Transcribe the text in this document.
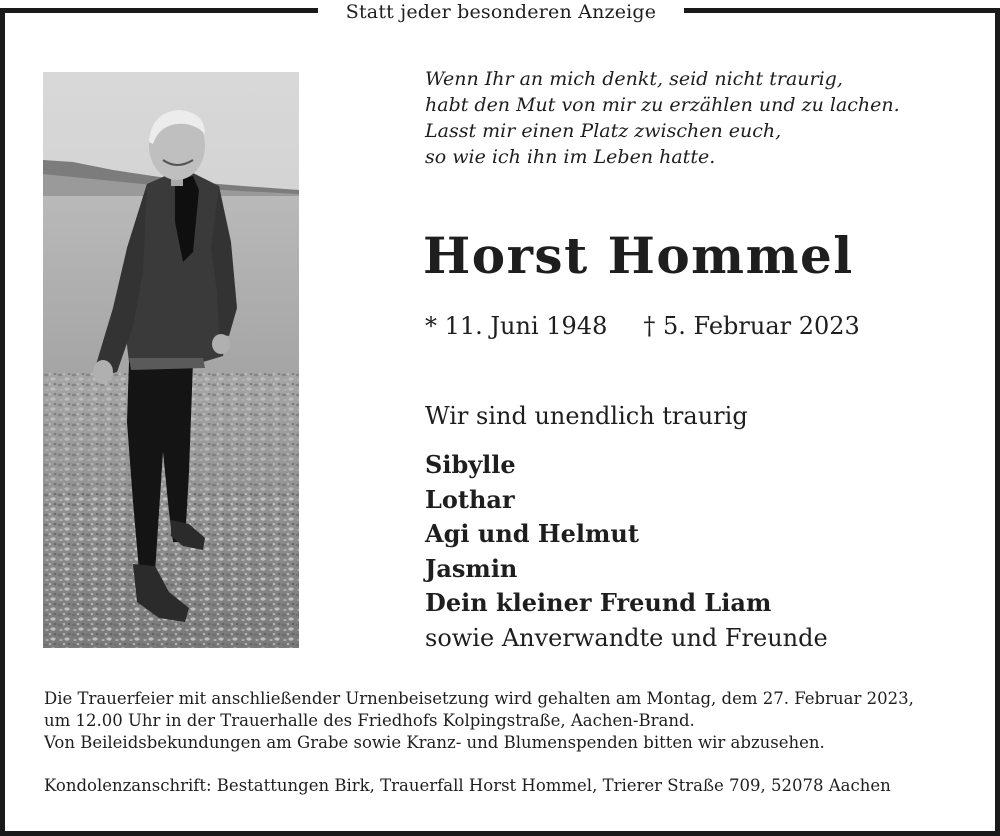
Statt jeder besonderen Anzeige
Wenn Ihr an mich denkt, seid nicht traurig,
habt den Mut von mir zu erzählen und zu lachen.
Lasst mir einen Platz zwischen euch,
so wie ich ihn im Leben hatte.
Horst Hommel
* 11. Juni 1948 † 5. Februar 2023
Wir sind unendlich traurig
Sibylle
Lothar
Agi und Helmut
Jasmin
Dein kleiner Freund Liam
sowie Anverwandte und Freunde
Die Trauerfeier mit anschließender Urnenbeisetzung wird gehalten am Montag, dem 27. Februar 2023,
um 12.00 Uhr in der Trauerhalle des Friedhofs Kolpingstraße, Aachen-Brand.
Von Beileidsbekundungen am Grabe sowie Kranz- und Blumenspenden bitten wir abzusehen.
Kondolenzanschrift: Bestattungen Birk, Trauerfall Horst Hommel, Trierer Straße 709, 52078 Aachen
